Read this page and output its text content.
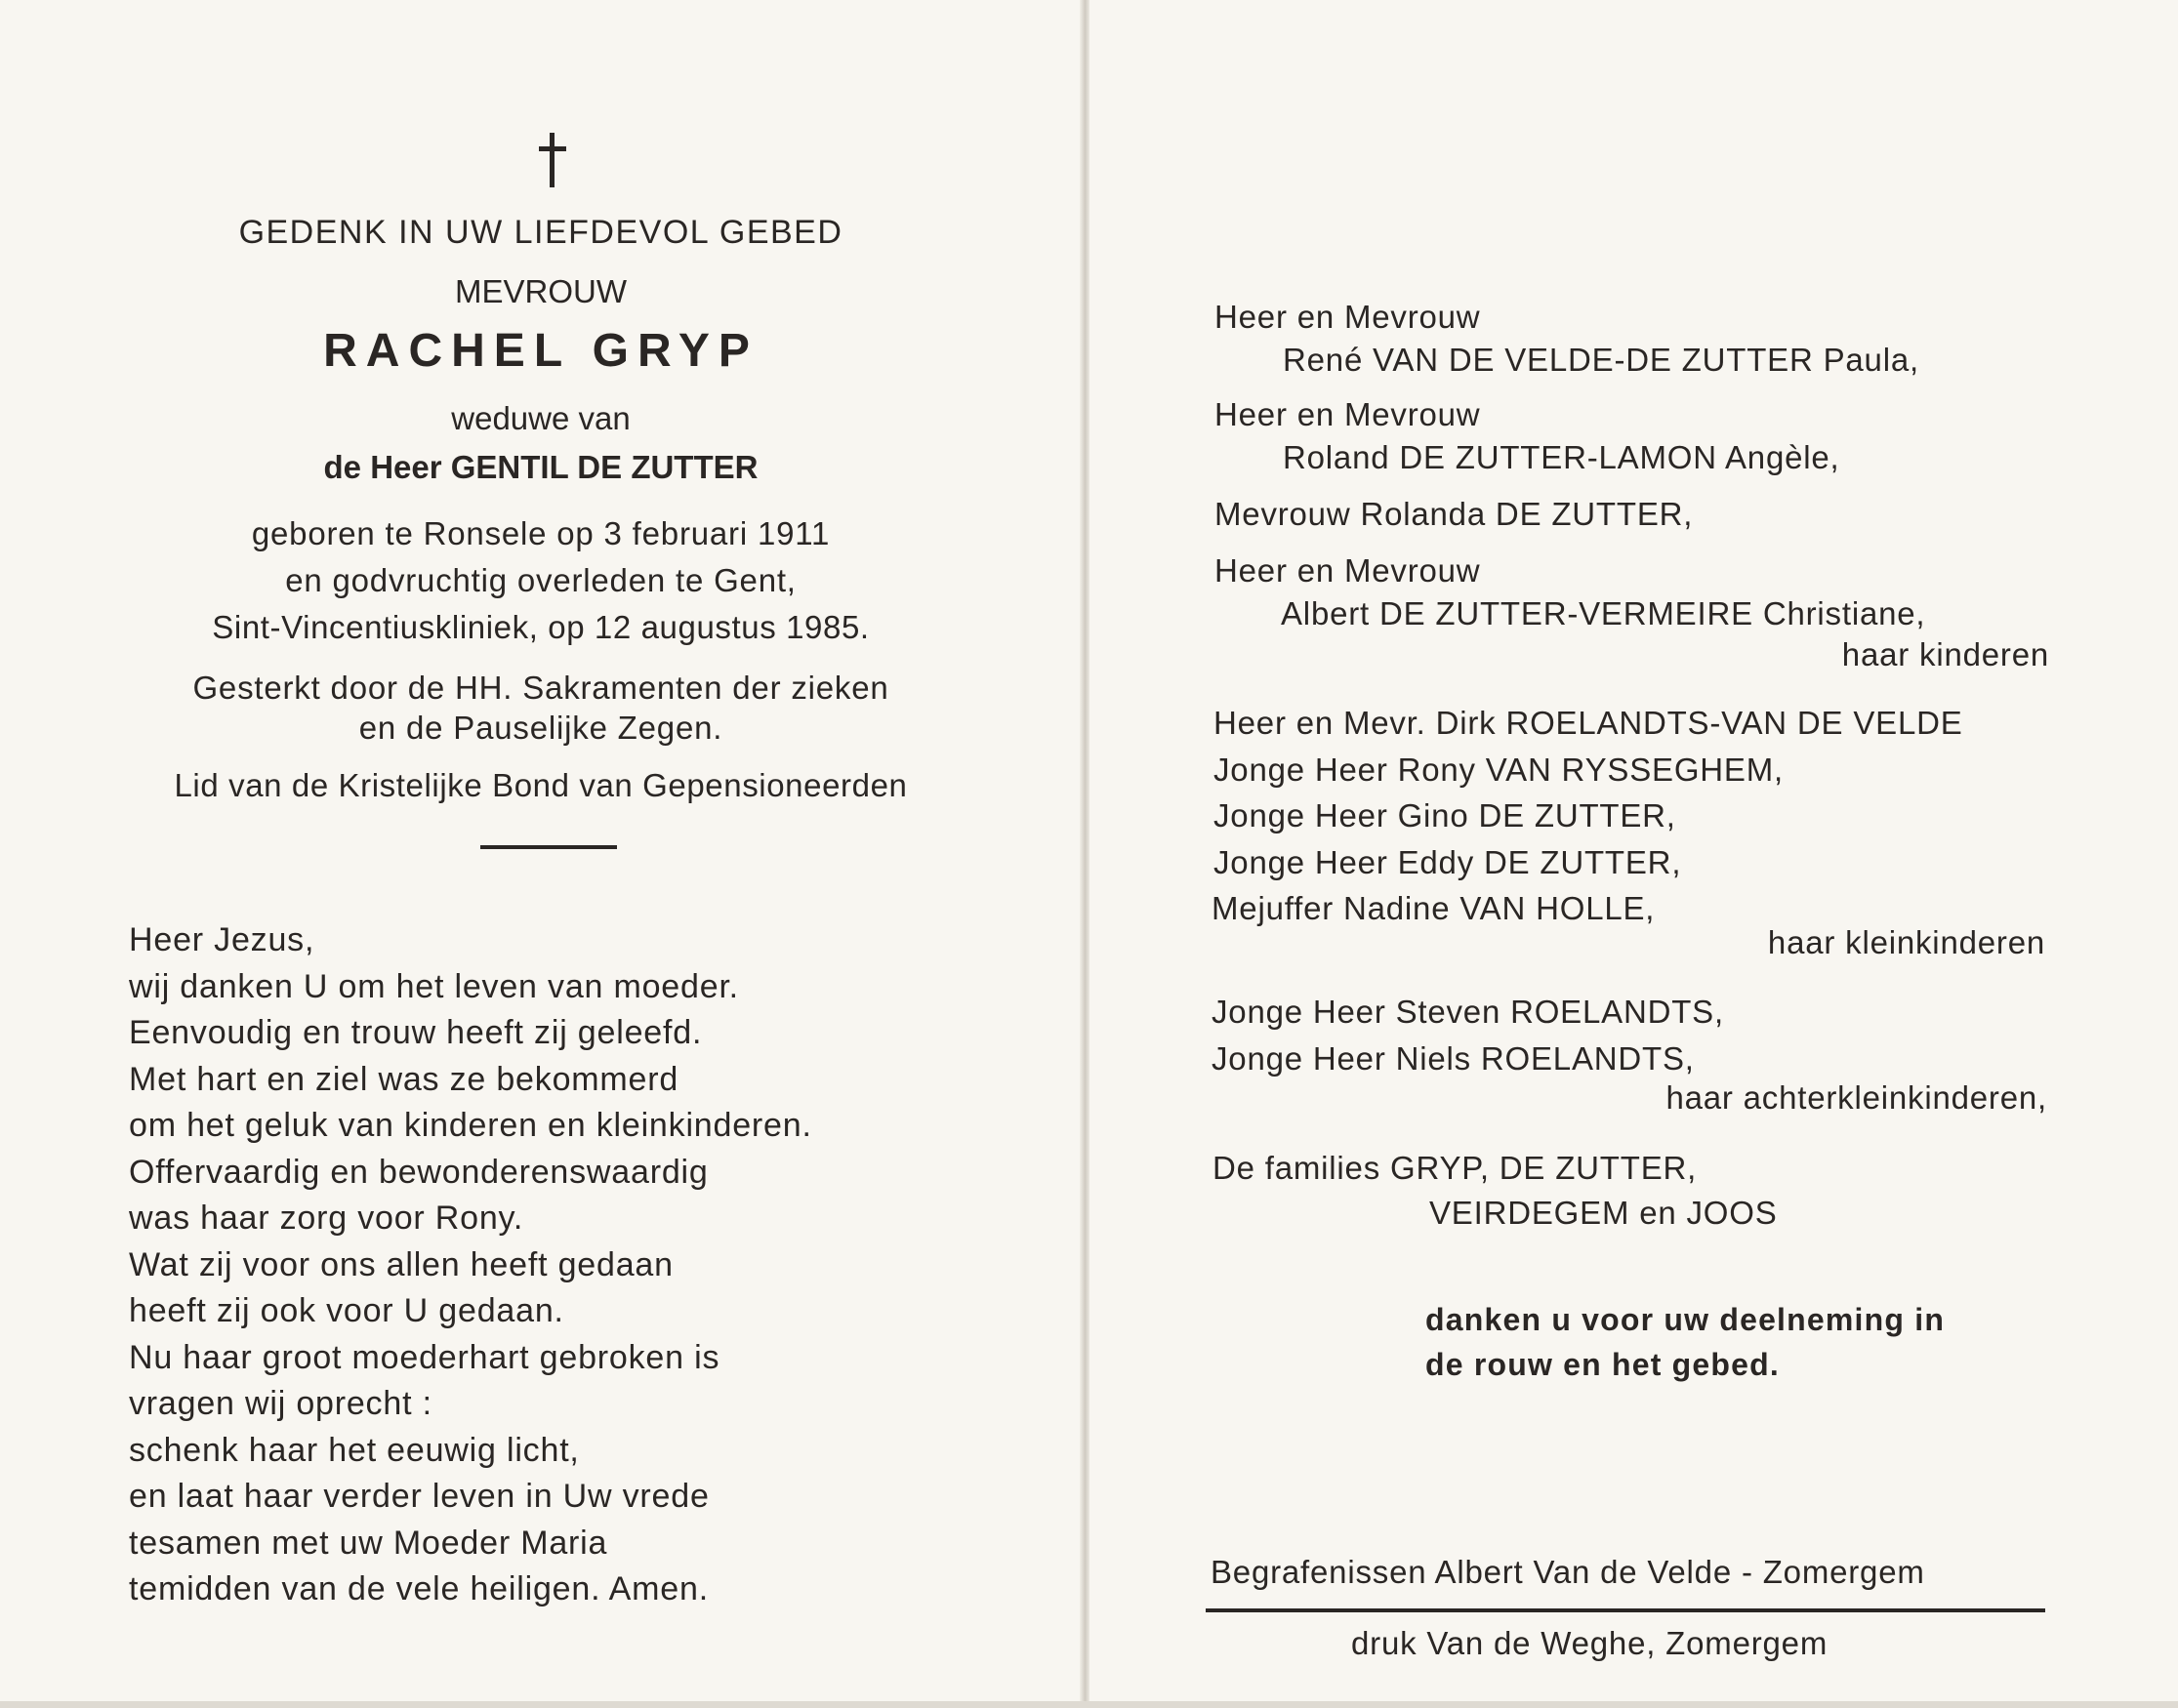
GEDENK IN UW LIEFDEVOL GEBED
MEVROUW
RACHEL GRYP
weduwe van
de Heer GENTIL DE ZUTTER
geboren te Ronsele op 3 februari 1911
en godvruchtig overleden te Gent,
Sint-Vincentiuskliniek, op 12 augustus 1985.
Gesterkt door de HH. Sakramenten der zieken
en de Pauselijke Zegen.
Lid van de Kristelijke Bond van Gepensioneerden
Heer Jezus,
wij danken U om het leven van moeder.
Eenvoudig en trouw heeft zij geleefd.
Met hart en ziel was ze bekommerd
om het geluk van kinderen en kleinkinderen.
Offervaardig en bewonderenswaardig
was haar zorg voor Rony.
Wat zij voor ons allen heeft gedaan
heeft zij ook voor U gedaan.
Nu haar groot moederhart gebroken is
vragen wij oprecht :
schenk haar het eeuwig licht,
en laat haar verder leven in Uw vrede
tesamen met uw Moeder Maria
temidden van de vele heiligen. Amen.
Heer en Mevrouw
René VAN DE VELDE-DE ZUTTER Paula,
Heer en Mevrouw
Roland DE ZUTTER-LAMON Angèle,
Mevrouw Rolanda DE ZUTTER,
Heer en Mevrouw
Albert DE ZUTTER-VERMEIRE Christiane,
haar kinderen
Heer en Mevr. Dirk ROELANDTS-VAN DE VELDE
Jonge Heer Rony VAN RYSSEGHEM,
Jonge Heer Gino DE ZUTTER,
Jonge Heer Eddy DE ZUTTER,
Mejuffer Nadine VAN HOLLE,
haar kleinkinderen
Jonge Heer Steven ROELANDTS,
Jonge Heer Niels ROELANDTS,
haar achterkleinkinderen,
De families GRYP, DE ZUTTER,
VEIRDEGEM en JOOS
danken u voor uw deelneming in
de rouw en het gebed.
Begrafenissen Albert Van de Velde - Zomergem
druk Van de Weghe, Zomergem
